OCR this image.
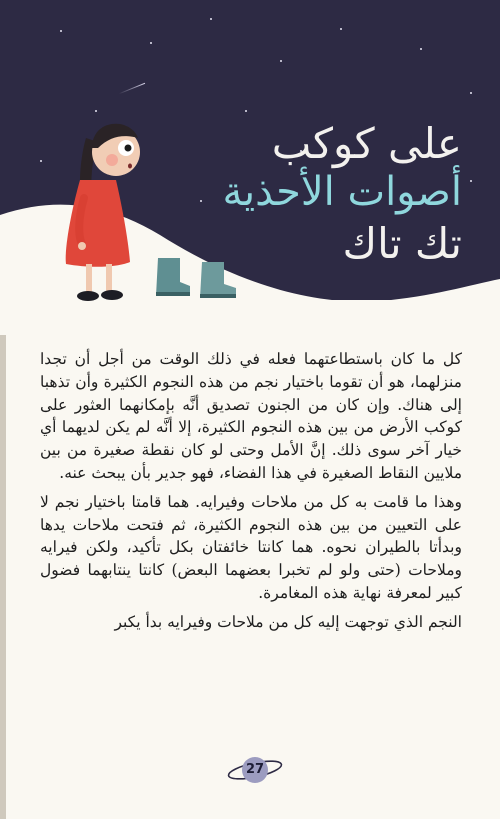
على كوكب
أصوات الأحذية
تك تاك

كل ما كان باستطاعتهما فعله في ذلك الوقت من أجل أن تجدا منزلهما، هو أن تقوما باختيار نجم من هذه النجوم الكثيرة وأن تذهبا إلى هناك. وإن كان من الجنون تصديق أنَّه بإمكانهما العثور على كوكب الأرض من بين هذه النجوم الكثيرة، إلا أنَّه لم يكن لديهما أي خيار آخر سوى ذلك. إنَّ الأمل وحتى لو كان نقطة صغيرة من بين ملايين النقاط الصغيرة في هذا الفضاء، فهو جدير بأن يبحث عنه.

وهذا ما قامت به كل من ملاحات وفيرايه. هما قامتا باختيار نجم لا على التعيين من بين هذه النجوم الكثيرة، ثم فتحت ملاحات يدها وبدأتا بالطيران نحوه. هما كانتا خائفتان بكل تأكيد، ولكن فيرايه وملاحات (حتى ولو لم تخبرا بعضهما البعض) كانتا ينتابهما فضول كبير لمعرفة نهاية هذه المغامرة.

النجم الذي توجهت إليه كل من ملاحات وفيرايه بدأ يكبر

27
